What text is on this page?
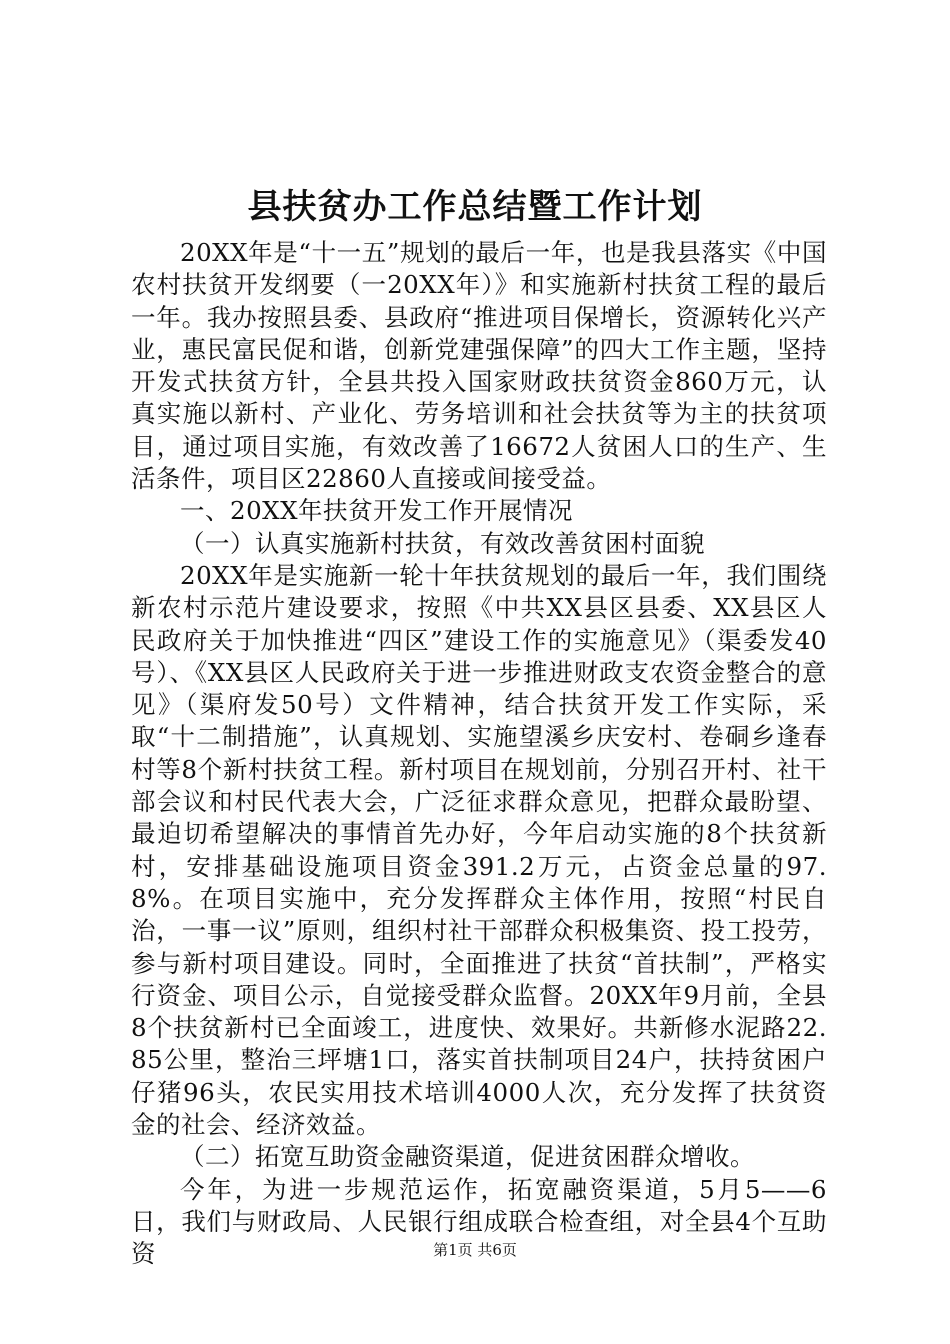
县扶贫办工作总结暨工作计划

20XX年是“十一五”规划的最后一年，也是我县落实《中国农村扶贫开发纲要（一20XX年）》和实施新村扶贫工程的最后一年。我办按照县委、县政府“推进项目保增长，资源转化兴产业，惠民富民促和谐，创新党建强保障”的四大工作主题，坚持开发式扶贫方针，全县共投入国家财政扶贫资金860万元，认真实施以新村、产业化、劳务培训和社会扶贫等为主的扶贫项目，通过项目实施，有效改善了16672人贫困人口的生产、生活条件，项目区22860人直接或间接受益。

一、20XX年扶贫开发工作开展情况

（一）认真实施新村扶贫，有效改善贫困村面貌

20XX年是实施新一轮十年扶贫规划的最后一年，我们围绕新农村示范片建设要求，按照《中共XX县区县委、XX县区人民政府关于加快推进“四区”建设工作的实施意见》（渠委发40号）、《XX县区人民政府关于进一步推进财政支农资金整合的意见》（渠府发50号）文件精神，结合扶贫开发工作实际，采取“十二制措施”，认真规划、实施望溪乡庆安村、卷硐乡逢春村等8个新村扶贫工程。新村项目在规划前，分别召开村、社干部会议和村民代表大会，广泛征求群众意见，把群众最盼望、最迫切希望解决的事情首先办好，今年启动实施的8个扶贫新村，安排基础设施项目资金391.2万元，占资金总量的97.8%。在项目实施中，充分发挥群众主体作用，按照“村民自治，一事一议”原则，组织村社干部群众积极集资、投工投劳，参与新村项目建设。同时，全面推进了扶贫“首扶制”，严格实行资金、项目公示，自觉接受群众监督。20XX年9月前，全县8个扶贫新村已全面竣工，进度快、效果好。共新修水泥路22.85公里，整治三坪塘1口，落实首扶制项目24户，扶持贫困户仔猪96头，农民实用技术培训4000人次，充分发挥了扶贫资金的社会、经济效益。

（二）拓宽互助资金融资渠道，促进贫困群众增收。

今年，为进一步规范运作，拓宽融资渠道，5月5——6日，我们与财政局、人民银行组成联合检查组，对全县4个互助资	第1页 共6页
